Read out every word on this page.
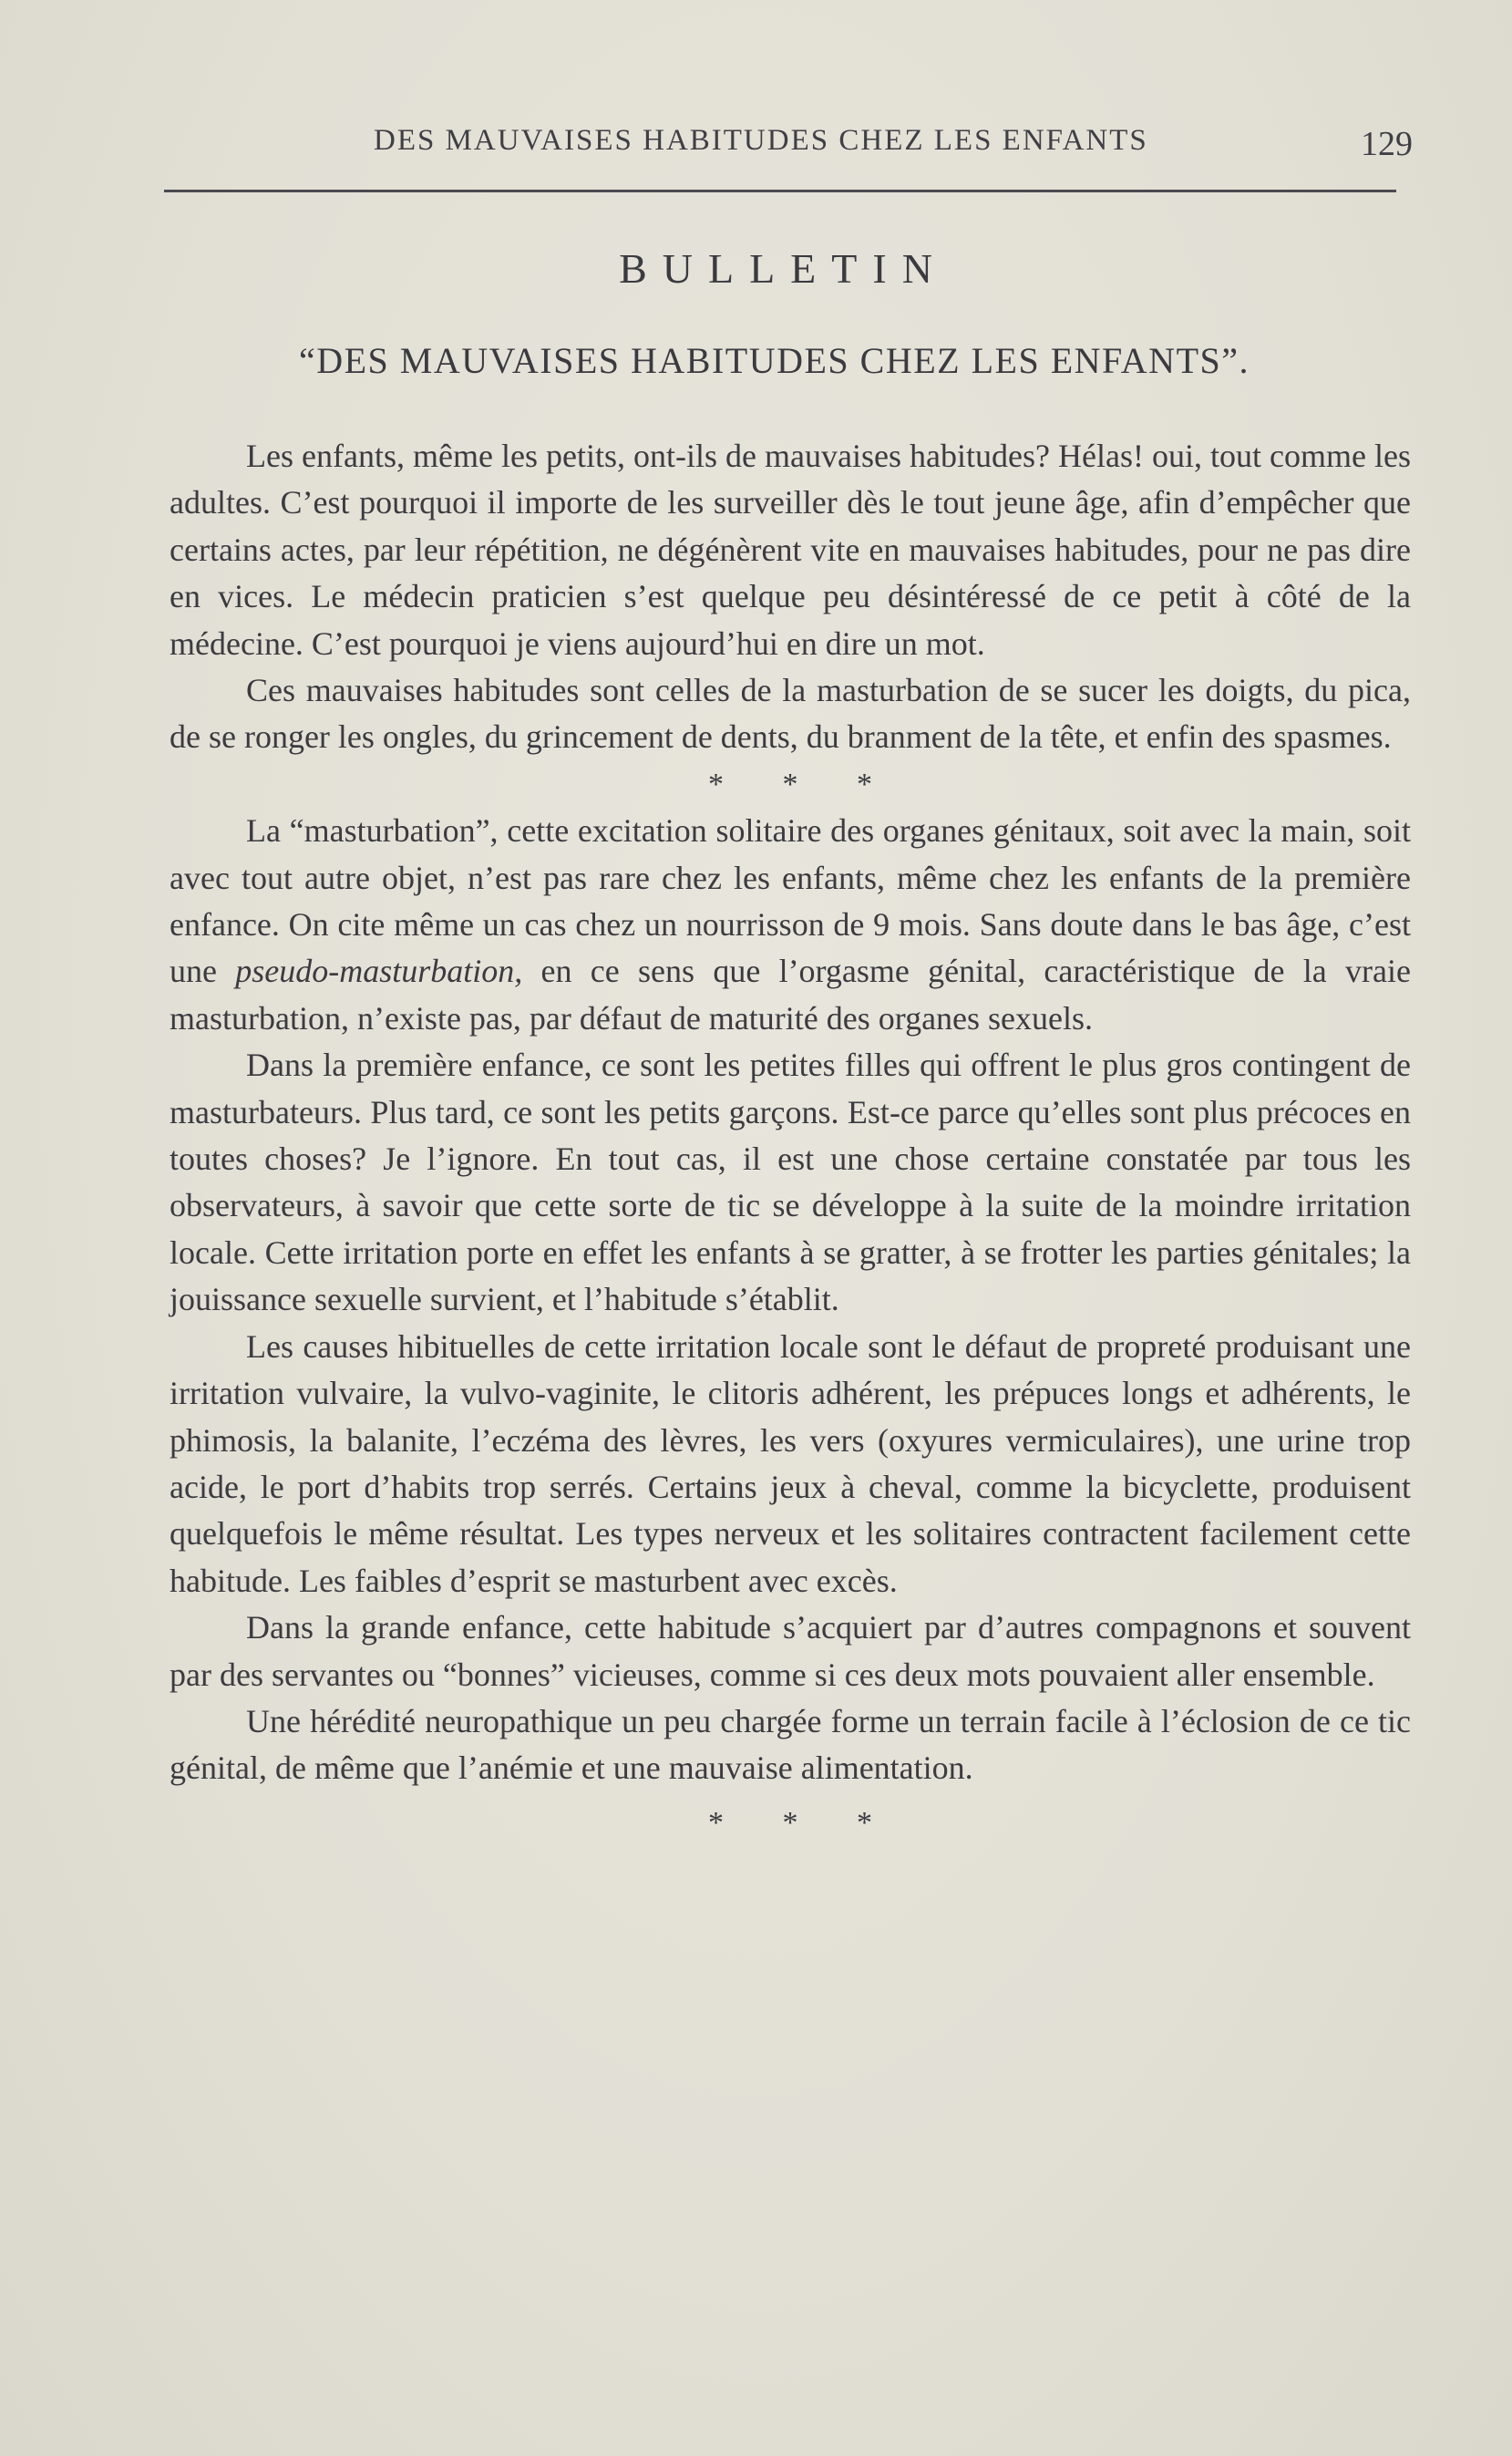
DES MAUVAISES HABITUDES CHEZ LES ENFANTS	129
BULLETIN
“DES MAUVAISES HABITUDES CHEZ LES ENFANTS”.

Les enfants, même les petits, ont-ils de mauvaises habitudes? Hélas! oui, tout comme les adultes. C’est pourquoi il importe de les surveiller dès le tout jeune âge, afin d’empêcher que certains actes, par leur répétition, ne dégénèrent vite en mauvaises habitudes, pour ne pas dire en vices. Le médecin praticien s’est quelque peu désintéressé de ce petit à côté de la médecine. C’est pourquoi je viens aujourd’hui en dire un mot.

Ces mauvaises habitudes sont celles de la masturbation de se sucer les doigts, du pica, de se ronger les ongles, du grincement de dents, du branment de la tête, et enfin des spasmes.

* * *

La “masturbation”, cette excitation solitaire des organes génitaux, soit avec la main, soit avec tout autre objet, n’est pas rare chez les enfants, même chez les enfants de la première enfance. On cite même un cas chez un nourrisson de 9 mois. Sans doute dans le bas âge, c’est une pseudo-masturbation, en ce sens que l’orgasme génital, caractéristique de la vraie masturbation, n’existe pas, par défaut de maturité des organes sexuels.

Dans la première enfance, ce sont les petites filles qui offrent le plus gros contingent de masturbateurs. Plus tard, ce sont les petits garçons. Est-ce parce qu’elles sont plus précoces en toutes choses? Je l’ignore. En tout cas, il est une chose certaine constatée par tous les observateurs, à savoir que cette sorte de tic se développe à la suite de la moindre irritation locale. Cette irritation porte en effet les enfants à se gratter, à se frotter les parties génitales; la jouissance sexuelle survient, et l’habitude s’établit.

Les causes hibituelles de cette irritation locale sont le défaut de propreté produisant une irritation vulvaire, la vulvo-vaginite, le clitoris adhérent, les prépuces longs et adhérents, le phimosis, la balanite, l’eczéma des lèvres, les vers (oxyures vermiculaires), une urine trop acide, le port d’habits trop serrés. Certains jeux à cheval, comme la bicyclette, produisent quelquefois le même résultat. Les types nerveux et les solitaires contractent facilement cette habitude. Les faibles d’esprit se masturbent avec excès.

Dans la grande enfance, cette habitude s’acquiert par d’autres compagnons et souvent par des servantes ou “bonnes” vicieuses, comme si ces deux mots pouvaient aller ensemble.

Une hérédité neuropathique un peu chargée forme un terrain facile à l’éclosion de ce tic génital, de même que l’anémie et une mauvaise alimentation.

* * *
